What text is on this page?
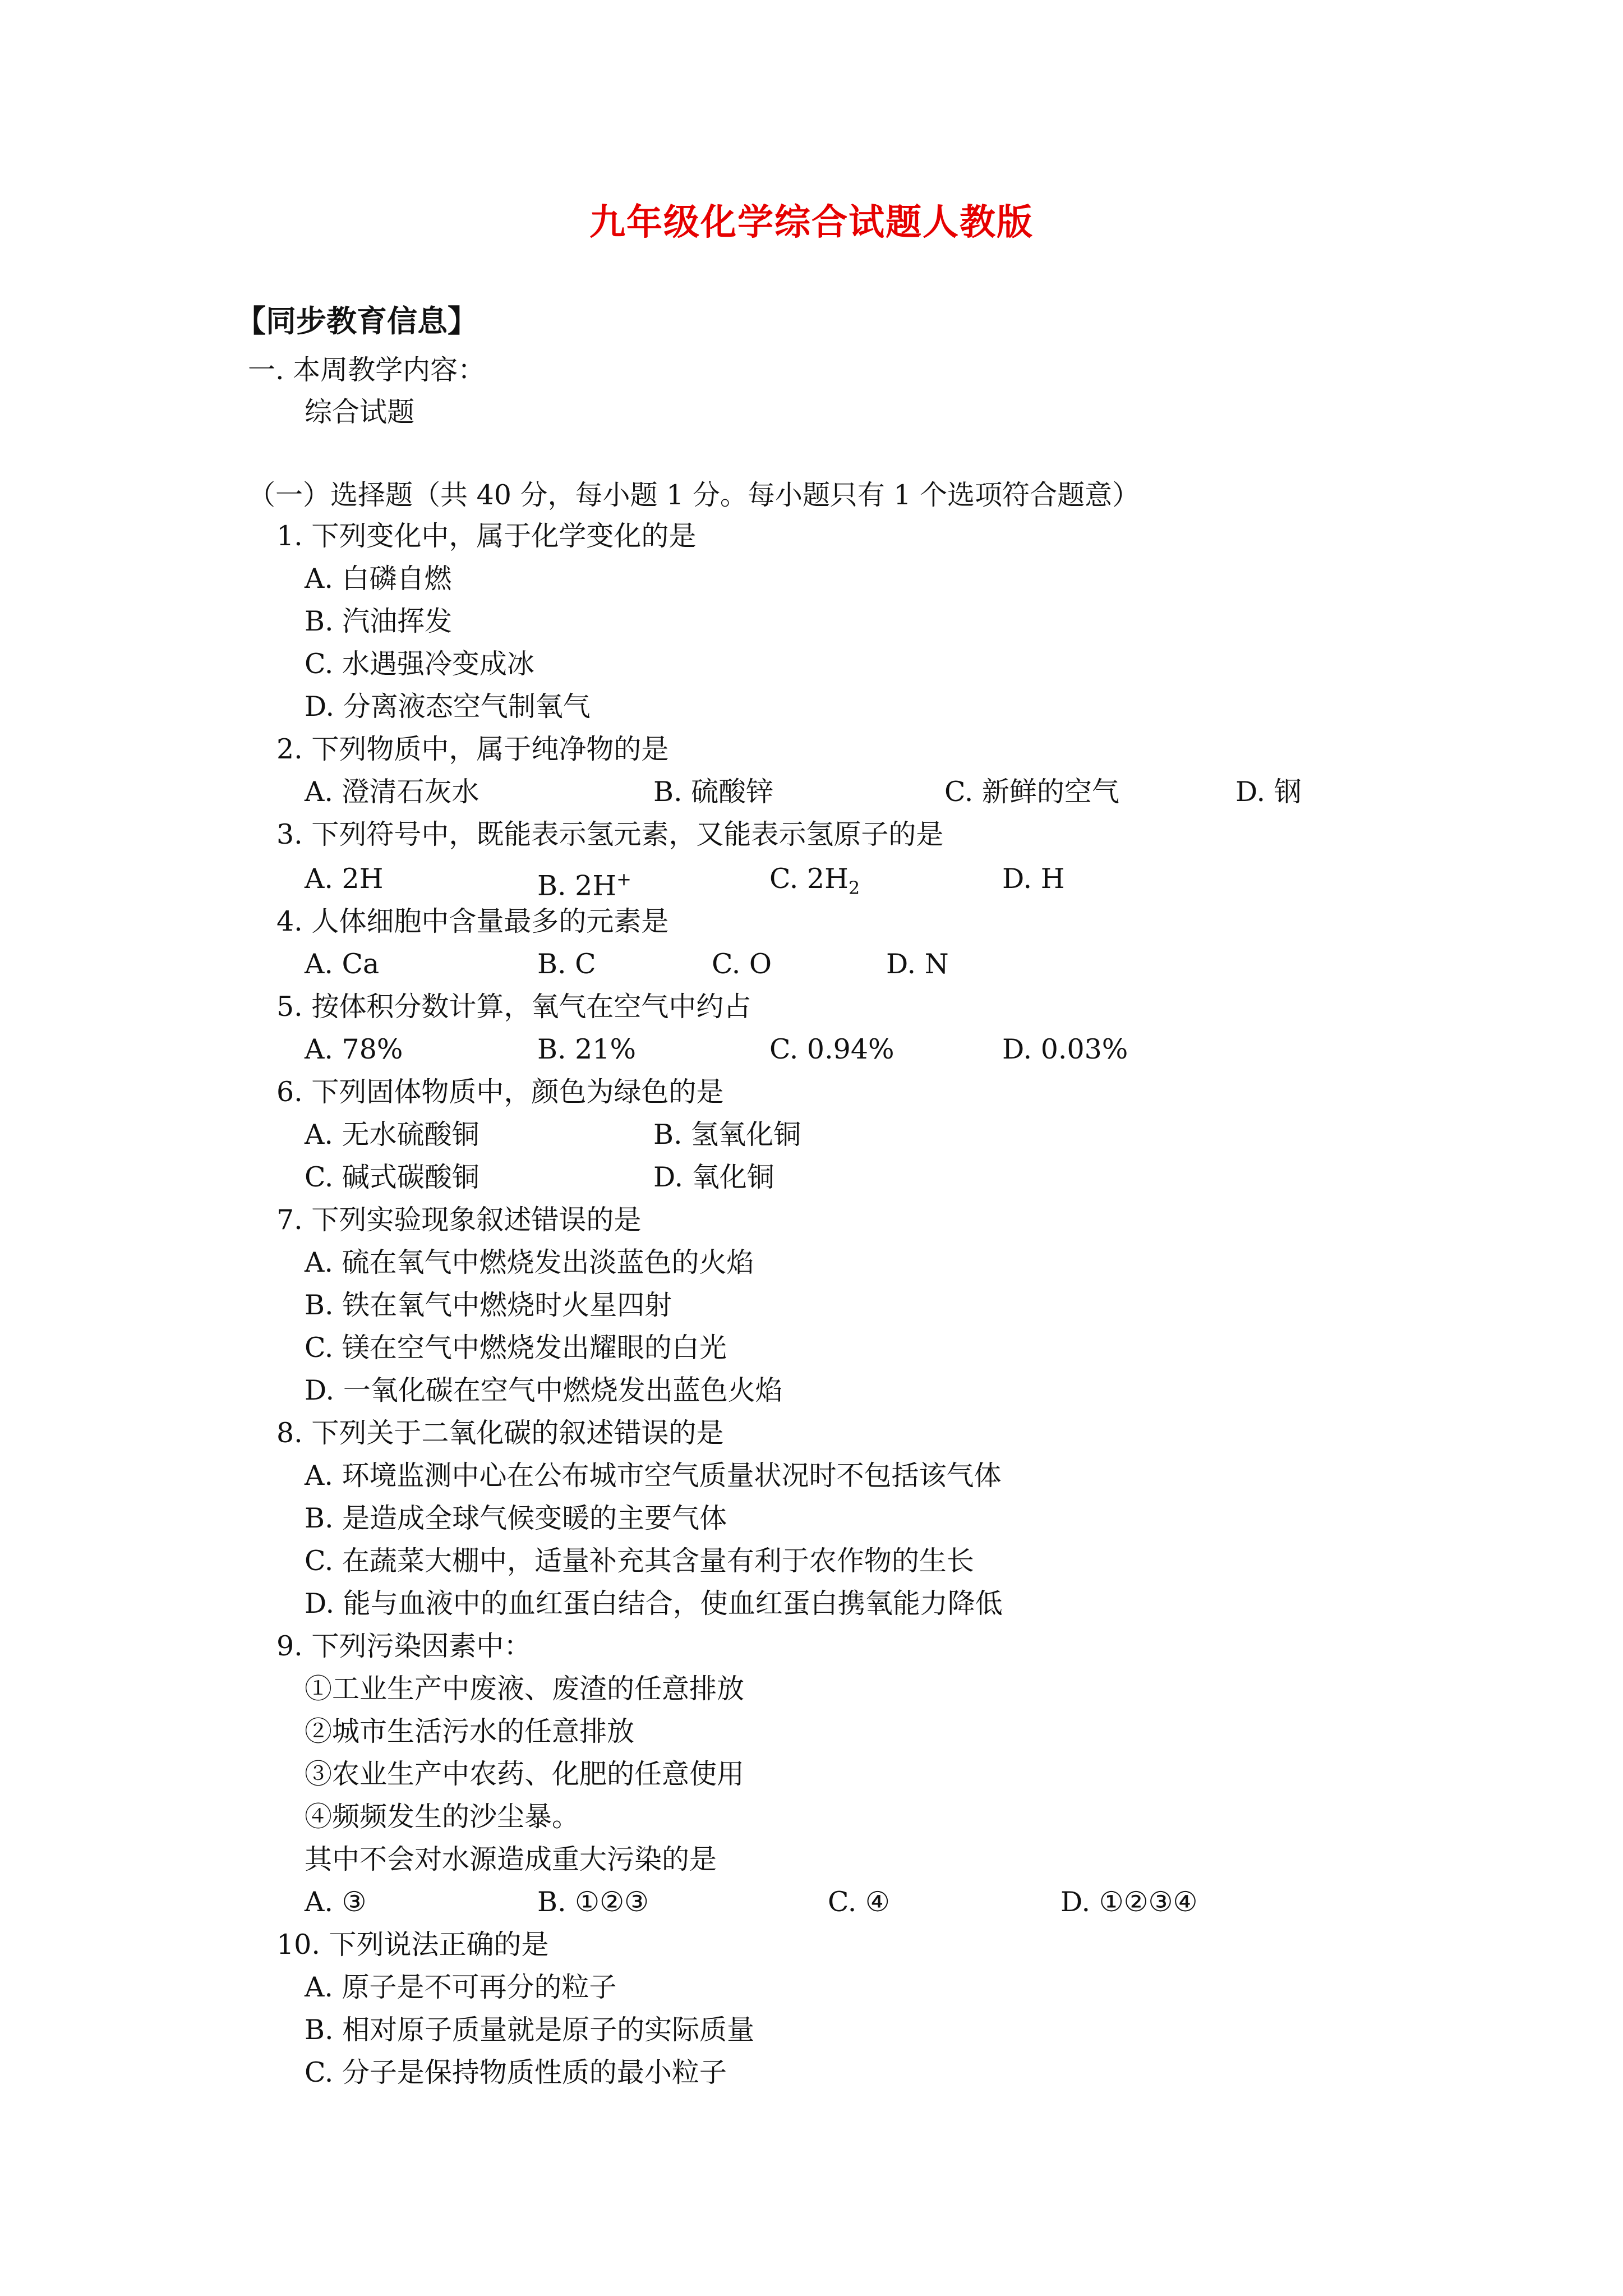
九年级化学综合试题人教版
【同步教育信息】
一. 本周教学内容：
综合试题
（一）选择题（共 40 分，每小题 1 分。每小题只有 1 个选项符合题意）
1. 下列变化中，属于化学变化的是
A. 白磷自燃
B. 汽油挥发
C. 水遇强冷变成冰
D. 分离液态空气制氧气
2. 下列物质中，属于纯净物的是
A. 澄清石灰水	B. 硫酸锌	C. 新鲜的空气	D. 钢
3. 下列符号中，既能表示氢元素，又能表示氢原子的是
A. 2H	B. 2H+	C. $2H_2$	D. H
4. 人体细胞中含量最多的元素是
A. Ca	B. C	C. O	D. N
5. 按体积分数计算，氧气在空气中约占
A. 78%	B. 21%	C. 0.94%	D. 0.03%
6. 下列固体物质中，颜色为绿色的是
A. 无水硫酸铜	B. 氢氧化铜
C. 碱式碳酸铜	D. 氧化铜
7. 下列实验现象叙述错误的是
A. 硫在氧气中燃烧发出淡蓝色的火焰
B. 铁在氧气中燃烧时火星四射
C. 镁在空气中燃烧发出耀眼的白光
D. 一氧化碳在空气中燃烧发出蓝色火焰
8. 下列关于二氧化碳的叙述错误的是
A. 环境监测中心在公布城市空气质量状况时不包括该气体
B. 是造成全球气候变暖的主要气体
C. 在蔬菜大棚中，适量补充其含量有利于农作物的生长
D. 能与血液中的血红蛋白结合，使血红蛋白携氧能力降低
9. 下列污染因素中：
①工业生产中废液、废渣的任意排放
②城市生活污水的任意排放
③农业生产中农药、化肥的任意使用
④频频发生的沙尘暴。
其中不会对水源造成重大污染的是
A. ③	B. ①②③	C. ④	D. ①②③④
10. 下列说法正确的是
A. 原子是不可再分的粒子
B. 相对原子质量就是原子的实际质量
C. 分子是保持物质性质的最小粒子
